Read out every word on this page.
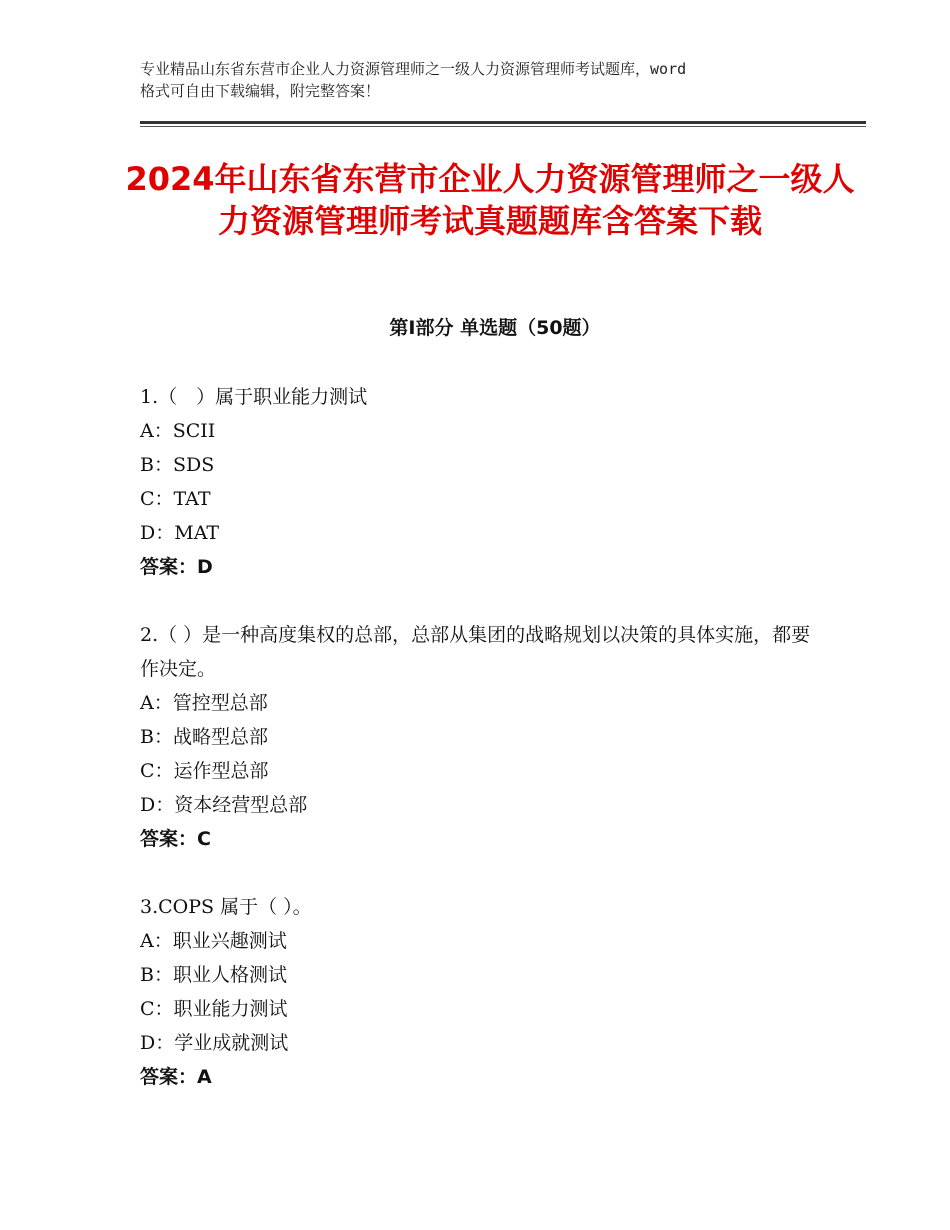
专业精品山东省东营市企业人力资源管理师之一级人力资源管理师考试题库，word
格式可自由下载编辑，附完整答案！
2024年山东省东营市企业人力资源管理师之一级人力资源管理师考试真题题库含答案下载
第Ⅰ部分 单选题（50题）
1.（　）属于职业能力测试
A：SCII
B：SDS
C：TAT
D：MAT
答案：D
2.（ ）是一种高度集权的总部，总部从集团的战略规划以决策的具体实施，都要作决定。
A：管控型总部
B：战略型总部
C：运作型总部
D：资本经营型总部
答案：C
3.COPS 属于（ ）。
A：职业兴趣测试
B：职业人格测试
C：职业能力测试
D：学业成就测试
答案：A
